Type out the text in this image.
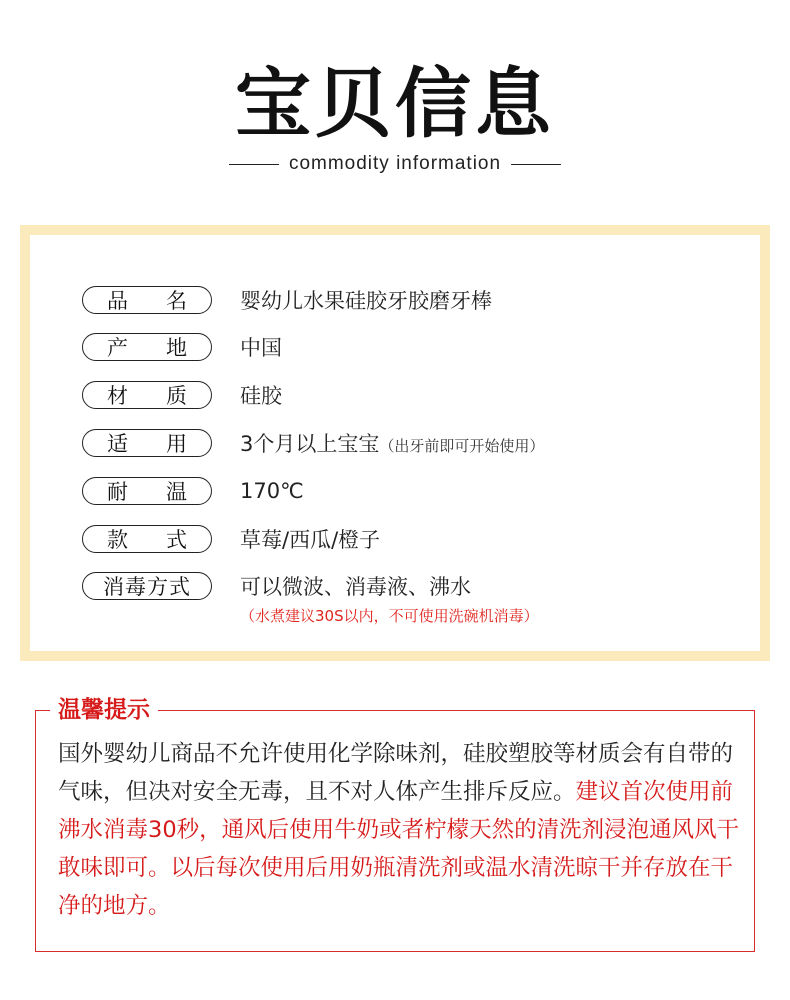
宝贝信息
commodity information
品 名	婴幼儿水果硅胶牙胶磨牙棒
产 地	中国
材 质	硅胶
适 用	3个月以上宝宝（出牙前即可开始使用）
耐 温	170℃
款 式	草莓/西瓜/橙子
消毒方式	可以微波、消毒液、沸水
（水煮建议30S以内，不可使用洗碗机消毒）
温馨提示

国外婴幼儿商品不允许使用化学除味剂，硅胶塑胶等材质会有自带的气味，但决对安全无毒，且不对人体产生排斥反应。建议首次使用前沸水消毒30秒，通风后使用牛奶或者柠檬天然的清洗剂浸泡通风风干敢味即可。以后每次使用后用奶瓶清洗剂或温水清洗晾干并存放在干净的地方。
